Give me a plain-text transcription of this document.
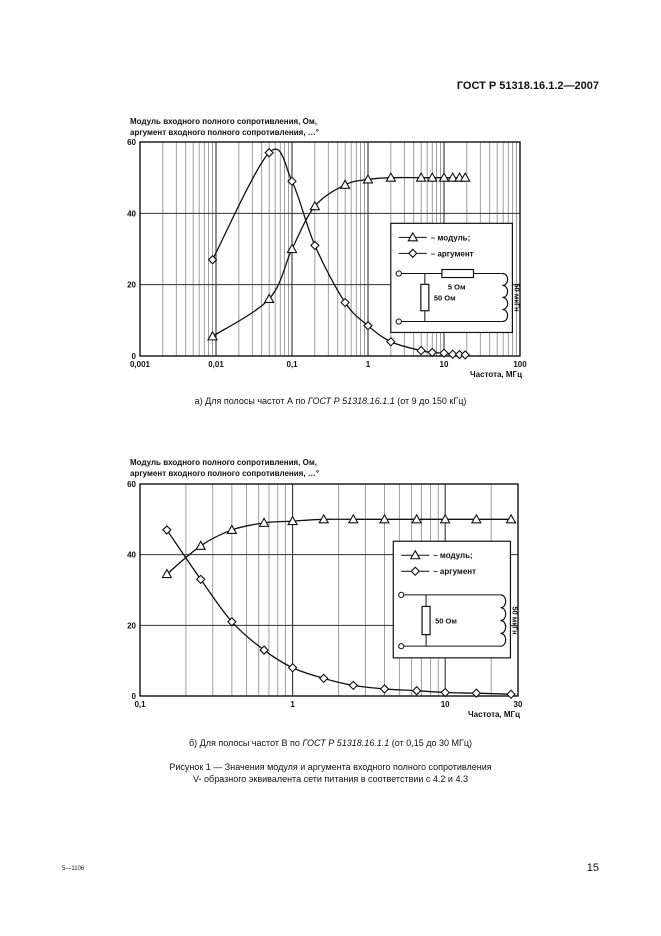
ГОСТ Р 51318.16.1.2—2007
Модуль входного полного сопротивления, Ом,
аргумент входного полного сопротивления, …°
0
20
40
60
0,001	0,01	0,1	1	10	100
Частота, МГц
– модуль;
– аргумент
5 Ом
50 Ом	50 мкГн
а) Для полосы частот А по ГОСТ Р 51318.16.1.1 (от 9 до 150 кГц)
Модуль входного полного сопротивления, Ом,
аргумент входного полного сопротивления, …°
0
20
40
60
0,1	1	10	30
Частота, МГц
– модуль;
– аргумент
50 Ом	50 мкГн
б) Для полосы частот В по ГОСТ Р 51318.16.1.1 (от 0,15 до 30 МГц)
Рисунок 1 — Значения модуля и аргумента входного полного сопротивления
V- образного эквивалента сети питания в соответствии с 4.2 и 4.3
5—1106	15
